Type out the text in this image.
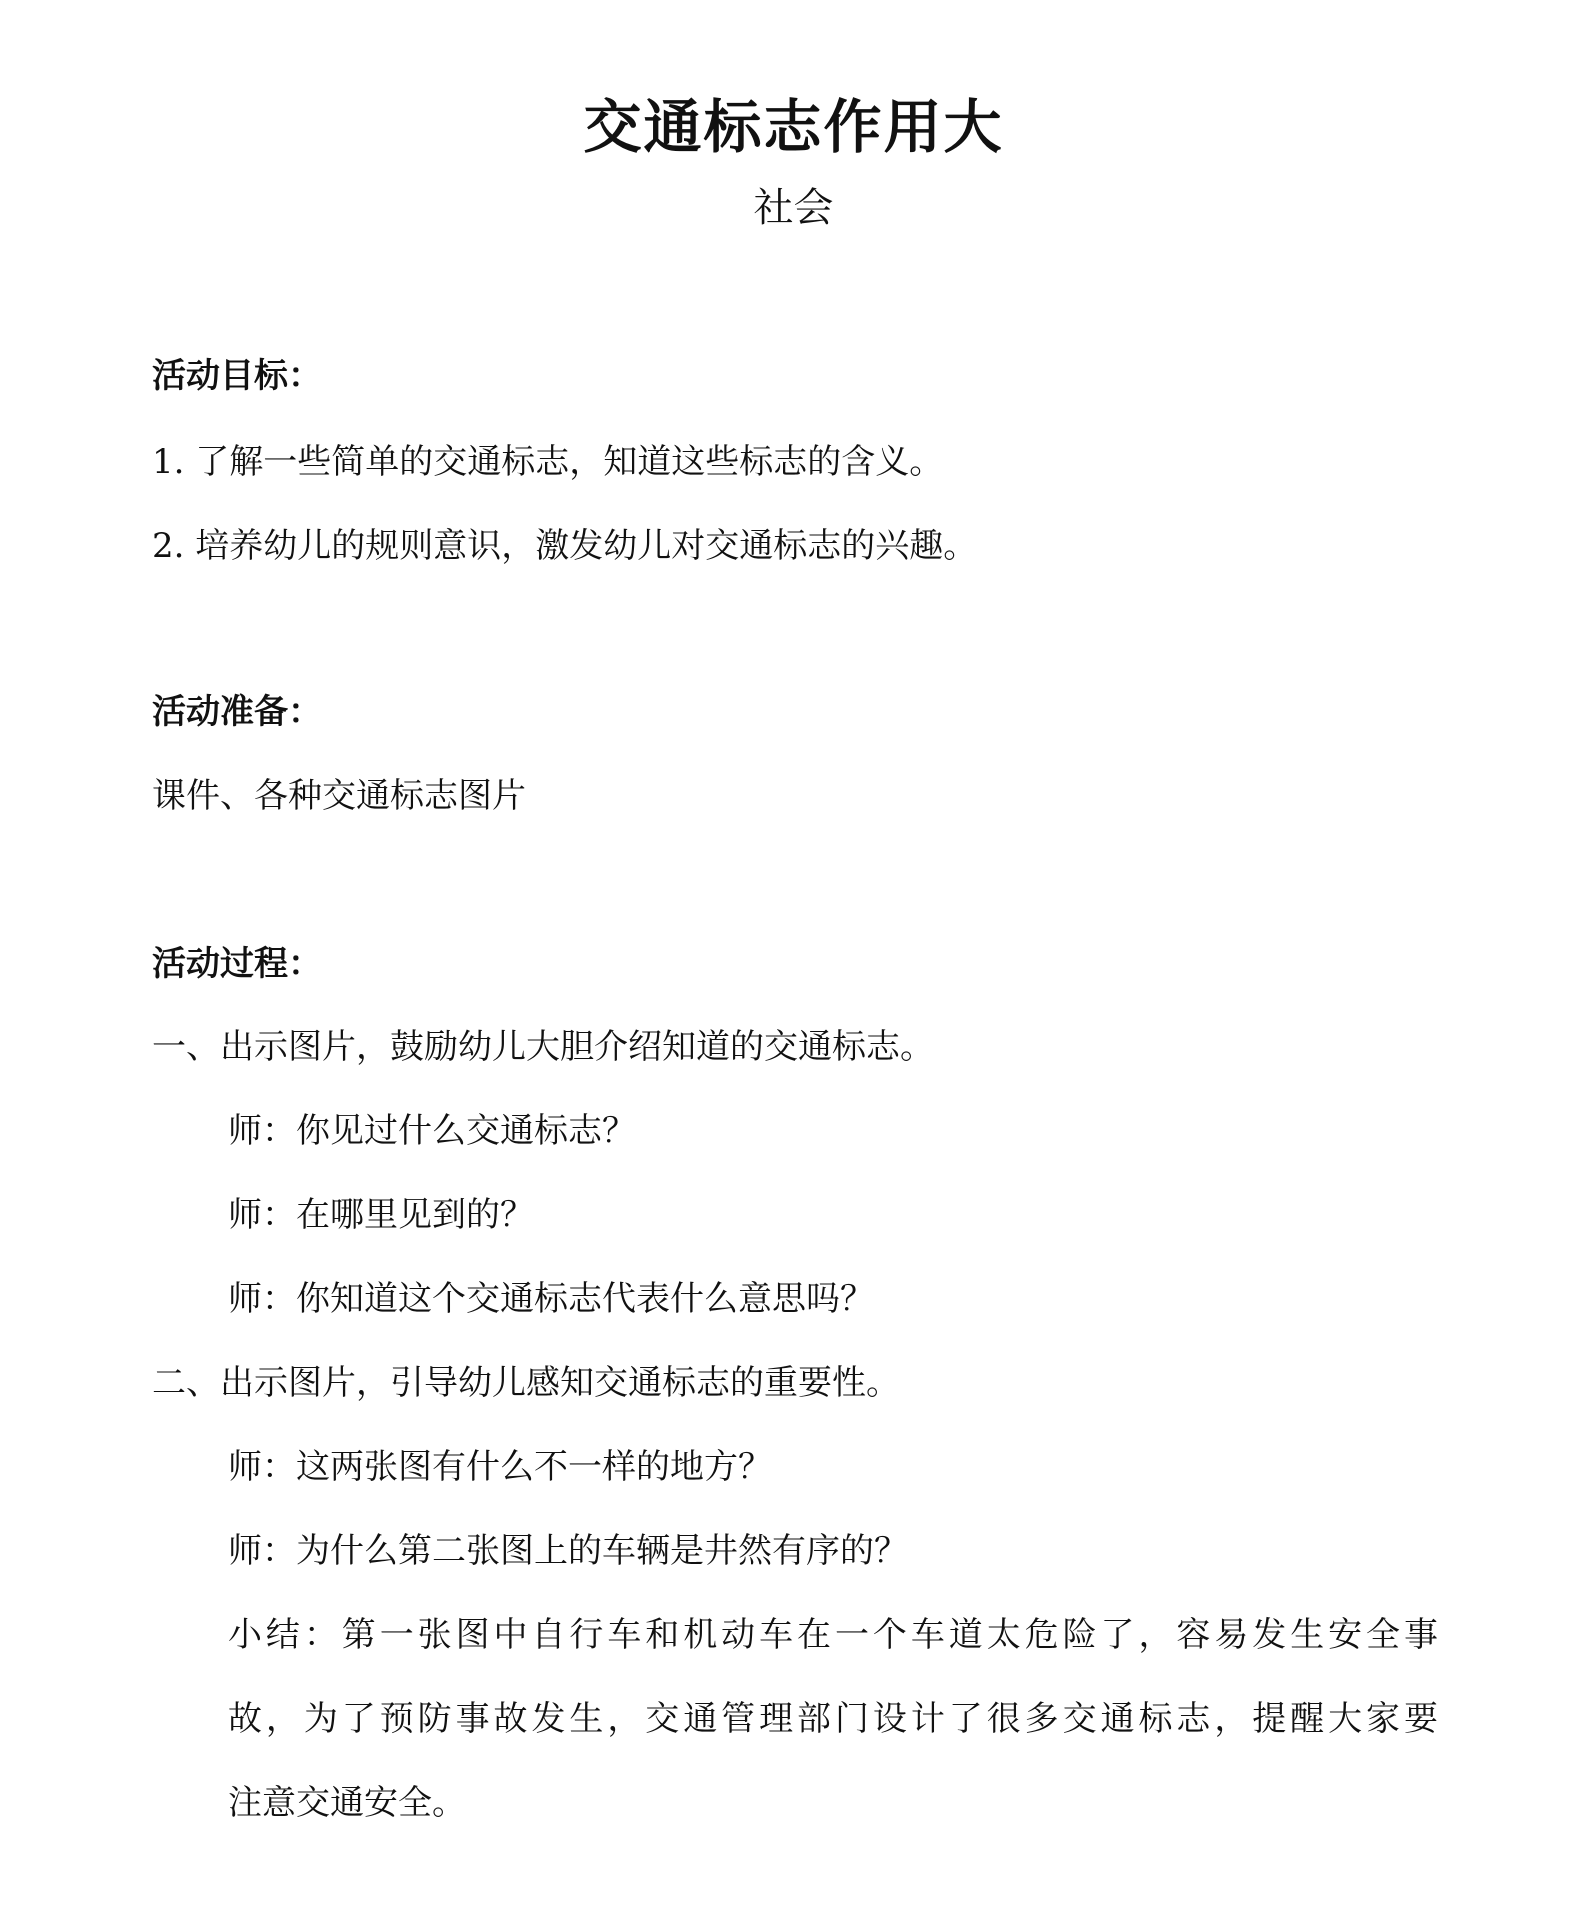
交通标志作用大
社会
活动目标：
1. 了解一些简单的交通标志，知道这些标志的含义。
2. 培养幼儿的规则意识，激发幼儿对交通标志的兴趣。
活动准备：
课件、各种交通标志图片
活动过程：
一、出示图片，鼓励幼儿大胆介绍知道的交通标志。
师：你见过什么交通标志？
师：在哪里见到的？
师：你知道这个交通标志代表什么意思吗？
二、出示图片，引导幼儿感知交通标志的重要性。
师：这两张图有什么不一样的地方？
师：为什么第二张图上的车辆是井然有序的？
小结：第一张图中自行车和机动车在一个车道太危险了，容易发生安全事
故，为了预防事故发生，交通管理部门设计了很多交通标志，提醒大家要
注意交通安全。
